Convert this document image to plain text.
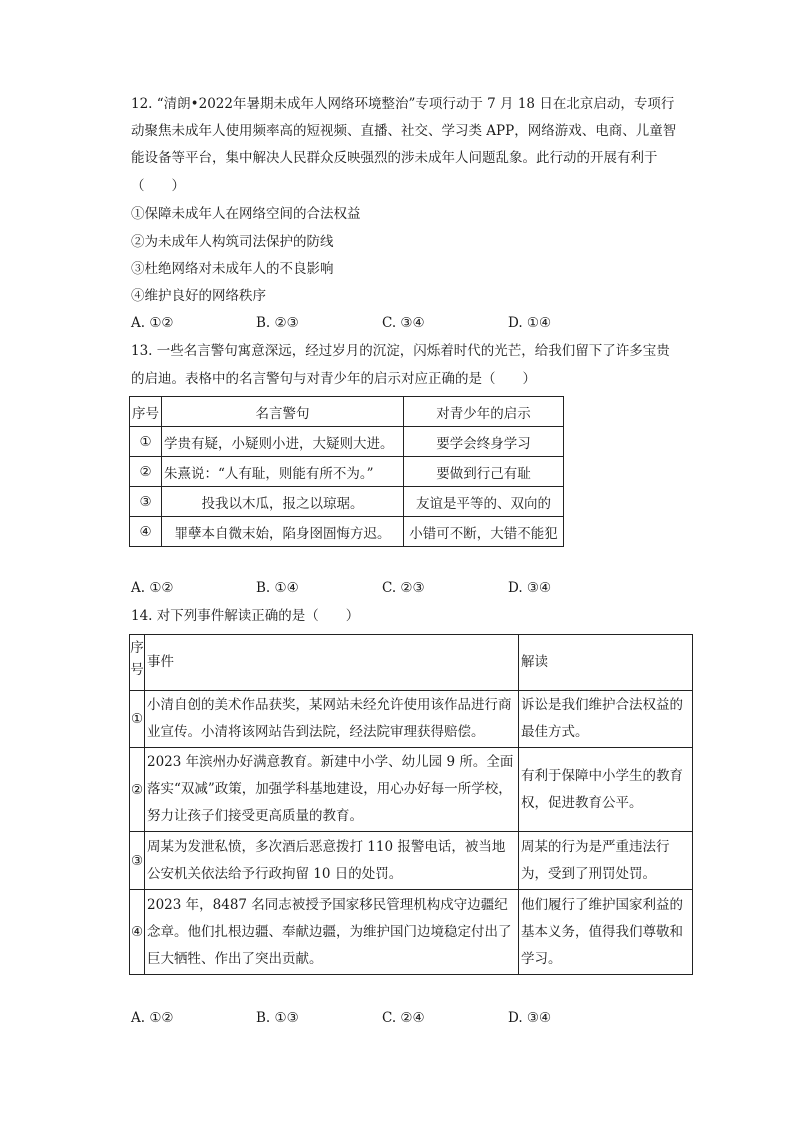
12. “清朗•2022年暑期未成年人网络环境整治”专项行动于 7 月 18 日在北京启动，专项行
动聚焦未成年人使用频率高的短视频、直播、社交、学习类 APP，网络游戏、电商、儿童智
能设备等平台，集中解决人民群众反映强烈的涉未成年人问题乱象。此行动的开展有利于
（　　）
①保障未成年人在网络空间的合法权益
②为未成年人构筑司法保护的防线
③杜绝网络对未成年人的不良影响
④维护良好的网络秩序
A. ①②	B. ②③	C. ③④	D. ①④
13. 一些名言警句寓意深远，经过岁月的沉淀，闪烁着时代的光芒，给我们留下了许多宝贵
的启迪。表格中的名言警句与对青少年的启示对应正确的是（　　）
序号	名言警句	对青少年的启示
①	学贵有疑，小疑则小进，大疑则大进。	要学会终身学习
②	朱熹说：“人有耻，则能有所不为。”	要做到行己有耻
③	投我以木瓜，报之以琼琚。	友谊是平等的、双向的
④	罪孽本自微末始，陷身囹圄悔方迟。	小错可不断，大错不能犯
A. ①②	B. ①④	C. ②③	D. ③④
14. 对下列事件解读正确的是（　　）
序号	事件	解读
①	小清自创的美术作品获奖，某网站未经允许使用该作品进行商业宣传。小清将该网站告到法院，经法院审理获得赔偿。	诉讼是我们维护合法权益的最佳方式。
②	2023 年滨州办好满意教育。新建中小学、幼儿园 9 所。全面落实“双减”政策，加强学科基地建设，用心办好每一所学校，努力让孩子们接受更高质量的教育。	有利于保障中小学生的教育权，促进教育公平。
③	周某为发泄私愤，多次酒后恶意拨打 110 报警电话，被当地公安机关依法给予行政拘留 10 日的处罚。	周某的行为是严重违法行为，受到了刑罚处罚。
④	2023 年，8487 名同志被授予国家移民管理机构戍守边疆纪念章。他们扎根边疆、奉献边疆，为维护国门边境稳定付出了巨大牺牲、作出了突出贡献。	他们履行了维护国家利益的基本义务，值得我们尊敬和学习。
A. ①②	B. ①③	C. ②④	D. ③④
